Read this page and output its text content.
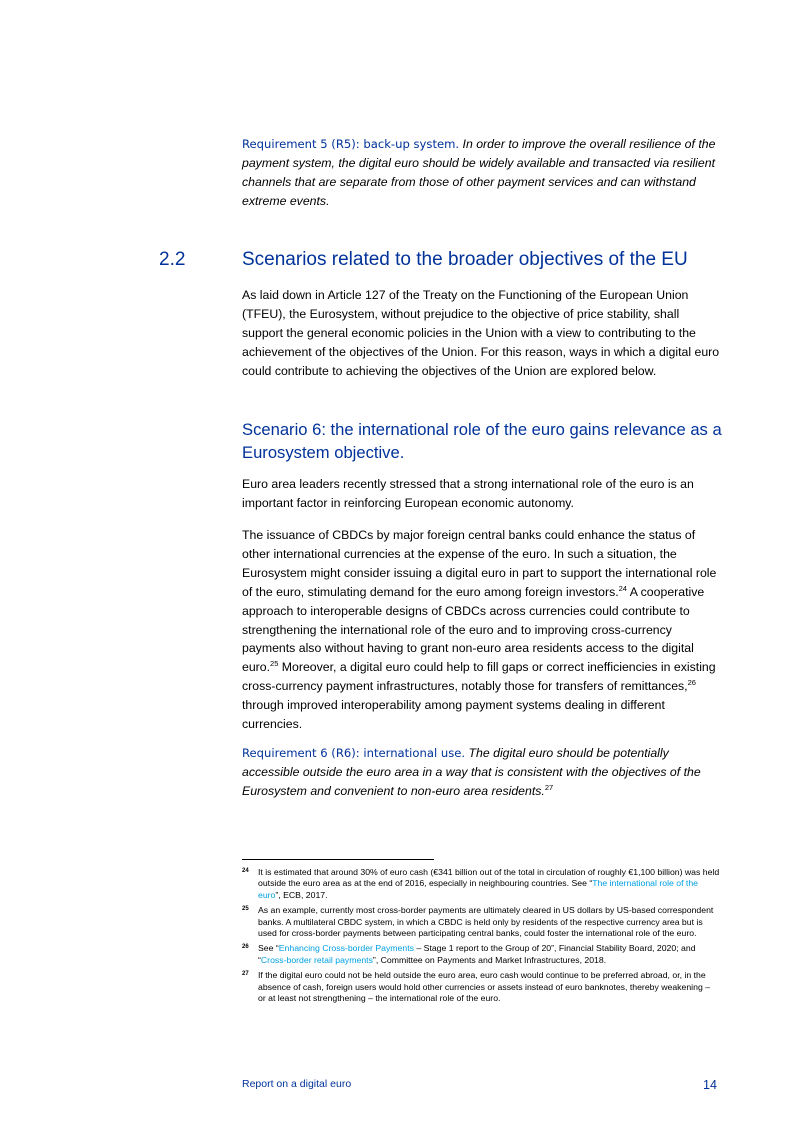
Requirement 5 (R5): back-up system. In order to improve the overall resilience of the payment system, the digital euro should be widely available and transacted via resilient channels that are separate from those of other payment services and can withstand extreme events.

2.2	Scenarios related to the broader objectives of the EU

As laid down in Article 127 of the Treaty on the Functioning of the European Union (TFEU), the Eurosystem, without prejudice to the objective of price stability, shall support the general economic policies in the Union with a view to contributing to the achievement of the objectives of the Union. For this reason, ways in which a digital euro could contribute to achieving the objectives of the Union are explored below.

Scenario 6: the international role of the euro gains relevance as a Eurosystem objective.

Euro area leaders recently stressed that a strong international role of the euro is an important factor in reinforcing European economic autonomy.

The issuance of CBDCs by major foreign central banks could enhance the status of other international currencies at the expense of the euro. In such a situation, the Eurosystem might consider issuing a digital euro in part to support the international role of the euro, stimulating demand for the euro among foreign investors.$^{24}$ A cooperative approach to interoperable designs of CBDCs across currencies could contribute to strengthening the international role of the euro and to improving cross-currency payments also without having to grant non-euro area residents access to the digital euro.$^{25}$ Moreover, a digital euro could help to fill gaps or correct inefficiencies in existing cross-currency payment infrastructures, notably those for transfers of remittances,$^{26}$ through improved interoperability among payment systems dealing in different currencies.

Requirement 6 (R6): international use. The digital euro should be potentially accessible outside the euro area in a way that is consistent with the objectives of the Eurosystem and convenient to non-euro area residents.$^{27}$

24 It is estimated that around 30% of euro cash (€341 billion out of the total in circulation of roughly €1,100 billion) was held outside the euro area as at the end of 2016, especially in neighbouring countries. See “The international role of the euro”, ECB, 2017.
25 As an example, currently most cross-border payments are ultimately cleared in US dollars by US-based correspondent banks. A multilateral CBDC system, in which a CBDC is held only by residents of the respective currency area but is used for cross-border payments between participating central banks, could foster the international role of the euro.
26 See “Enhancing Cross-border Payments – Stage 1 report to the Group of 20”, Financial Stability Board, 2020; and “Cross-border retail payments”, Committee on Payments and Market Infrastructures, 2018.
27 If the digital euro could not be held outside the euro area, euro cash would continue to be preferred abroad, or, in the absence of cash, foreign users would hold other currencies or assets instead of euro banknotes, thereby weakening – or at least not strengthening – the international role of the euro.
Report on a digital euro	14
